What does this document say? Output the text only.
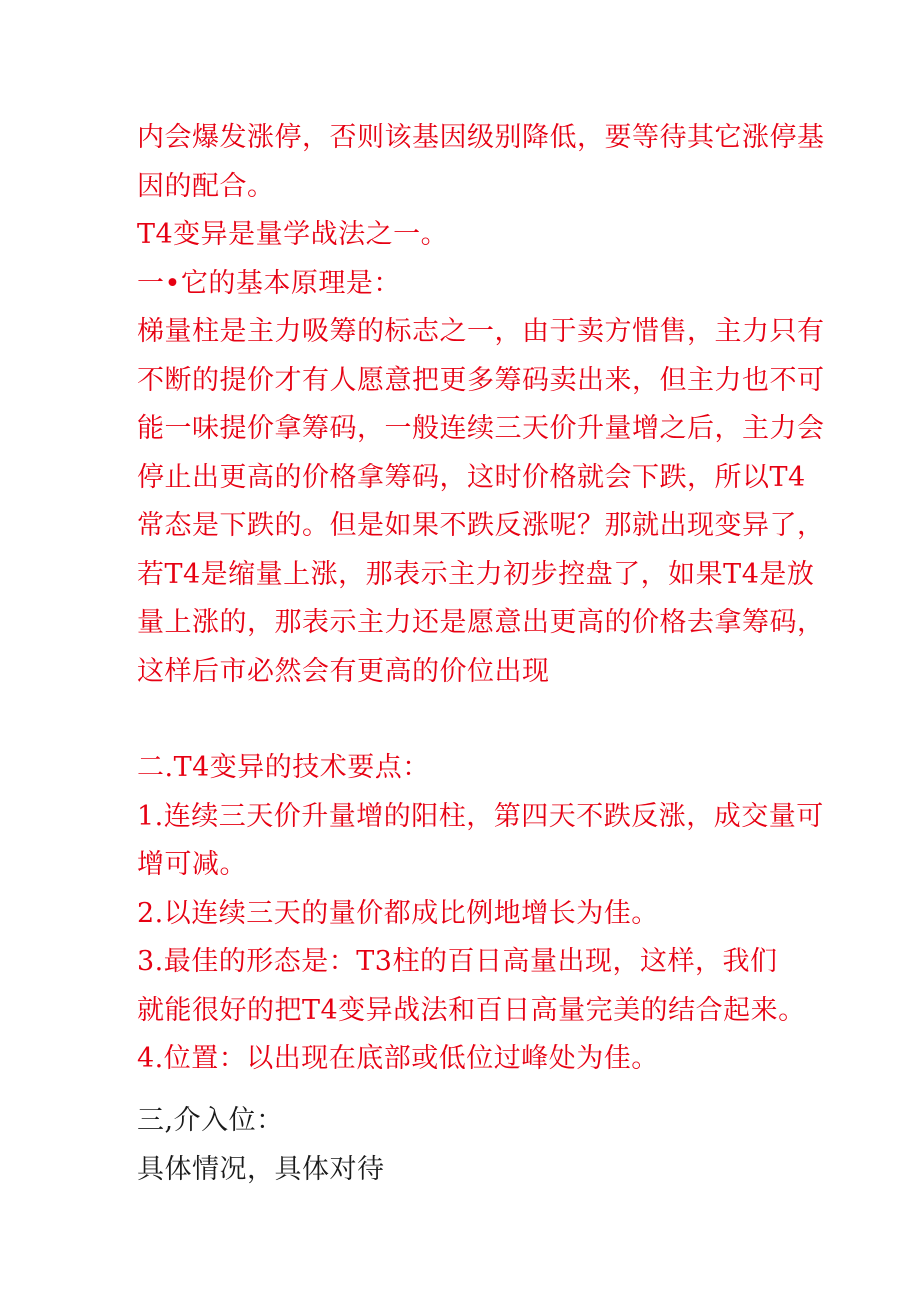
内会爆发涨停，否则该基因级别降低，要等待其它涨停基
因的配合。
T4变异是量学战法之一。
一•它的基本原理是：
梯量柱是主力吸筹的标志之一，由于卖方惜售，主力只有
不断的提价才有人愿意把更多筹码卖出来，但主力也不可
能一味提价拿筹码，一般连续三天价升量增之后，主力会
停止出更高的价格拿筹码，这时价格就会下跌，所以T4
常态是下跌的。但是如果不跌反涨呢？那就出现变异了，
若T4是缩量上涨，那表示主力初步控盘了，如果T4是放
量上涨的，那表示主力还是愿意出更高的价格去拿筹码，
这样后市必然会有更高的价位出现
二.T4变异的技术要点：
1.连续三天价升量增的阳柱，第四天不跌反涨，成交量可
增可减。
2.以连续三天的量价都成比例地增长为佳。
3.最佳的形态是：T3柱的百日高量出现，这样，我们
就能很好的把T4变异战法和百日高量完美的结合起来。
4.位置：以出现在底部或低位过峰处为佳。
三,介入位：
具体情况，具体对待
